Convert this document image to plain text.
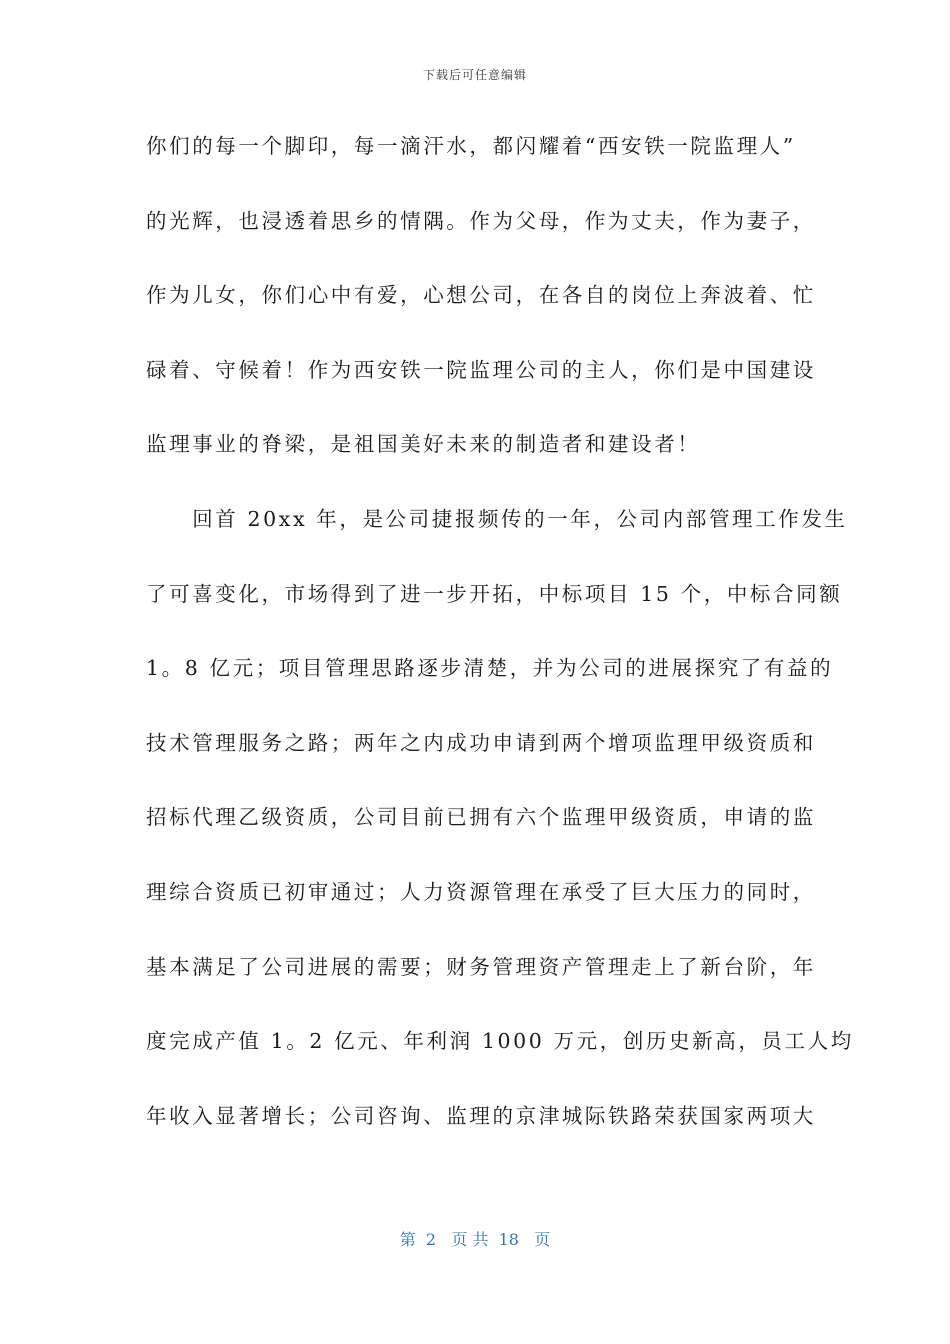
下载后可任意编辑
你们的每一个脚印，每一滴汗水，都闪耀着“西安铁一院监理人”
的光辉，也浸透着思乡的情隅。作为父母，作为丈夫，作为妻子，
作为儿女，你们心中有爱，心想公司，在各自的岗位上奔波着、忙
碌着、守候着！作为西安铁一院监理公司的主人，你们是中国建设
监理事业的脊梁，是祖国美好未来的制造者和建设者！
　　回首 20xx 年，是公司捷报频传的一年，公司内部管理工作发生
了可喜变化，市场得到了进一步开拓，中标项目 15 个，中标合同额
1。8 亿元；项目管理思路逐步清楚，并为公司的进展探究了有益的
技术管理服务之路；两年之内成功申请到两个增项监理甲级资质和
招标代理乙级资质，公司目前已拥有六个监理甲级资质，申请的监
理综合资质已初审通过；人力资源管理在承受了巨大压力的同时，
基本满足了公司进展的需要；财务管理资产管理走上了新台阶，年
度完成产值 1。2 亿元、年利润 1000 万元，创历史新高，员工人均
年收入显著增长；公司咨询、监理的京津城际铁路荣获国家两项大
第  2   页 共  18   页
